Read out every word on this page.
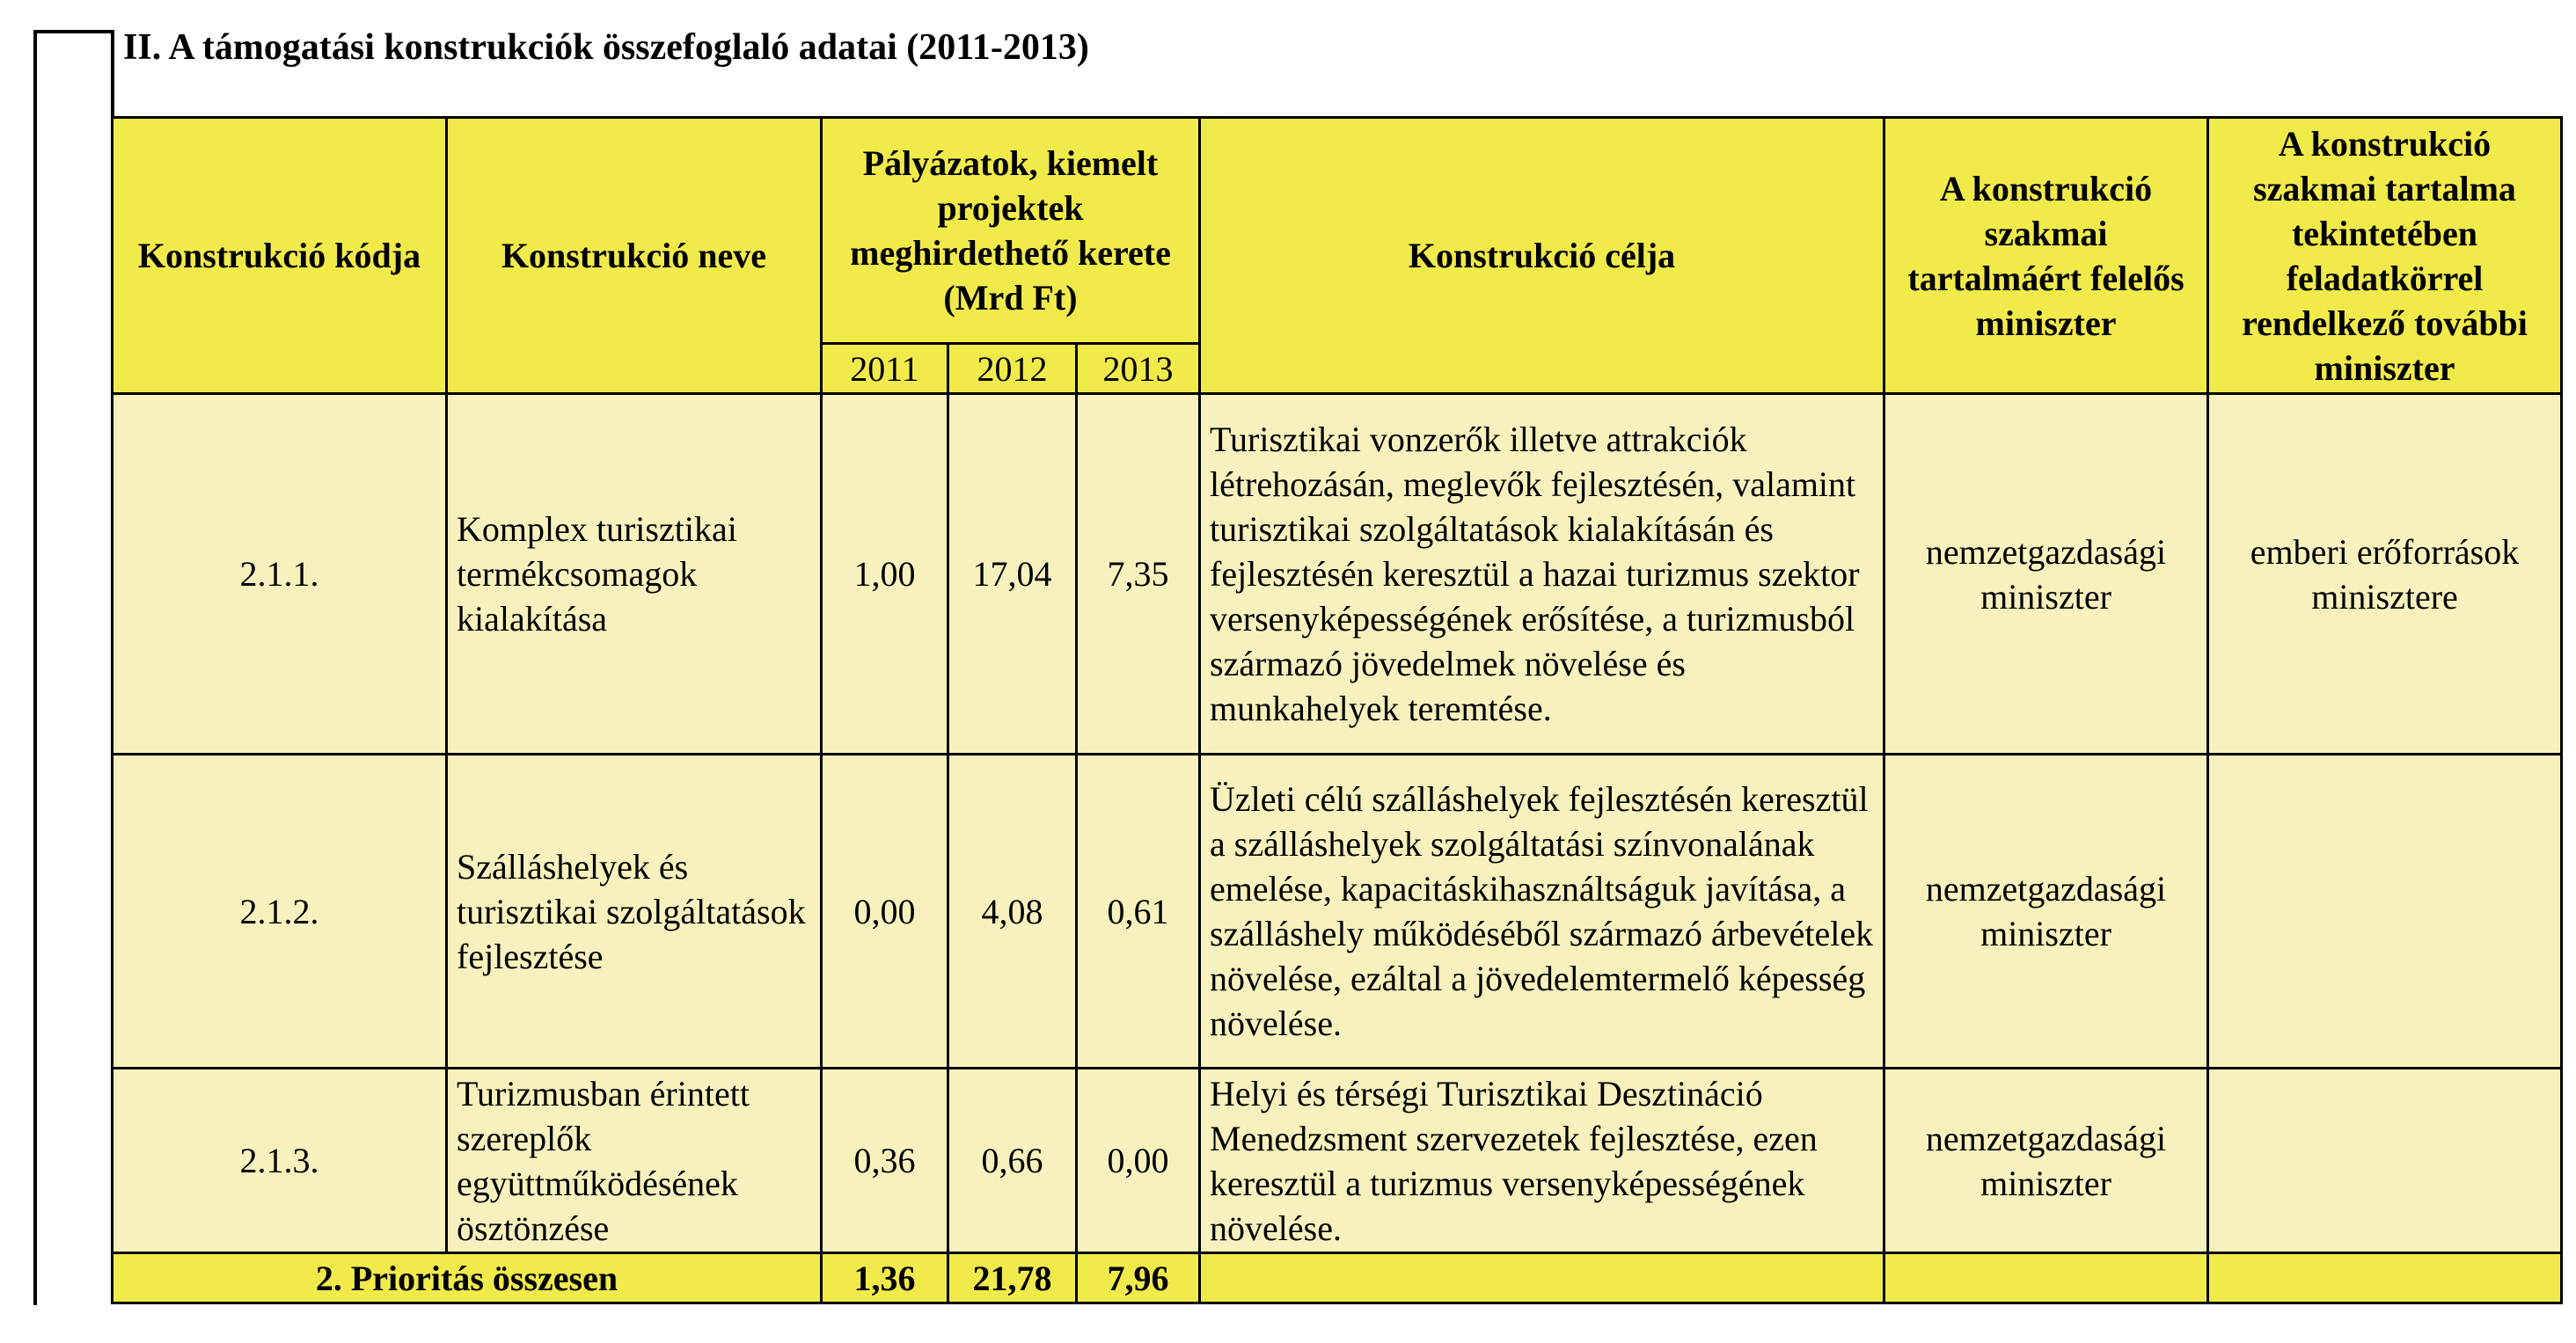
II. A támogatási konstrukciók összefoglaló adatai (2011-2013)
Konstrukció kódja	Konstrukció neve	Pályázatok, kiemelt projektek meghirdethető kerete (Mrd Ft)			Konstrukció célja	A konstrukció szakmai tartalmáért felelős miniszter	A konstrukció szakmai tartalma tekintetében feladatkörrel rendelkező további miniszter
		2011	2012	2013			
2.1.1.	Komplex turisztikai termékcsomagok kialakítása	1,00	17,04	7,35	Turisztikai vonzerők illetve attrakciók létrehozásán, meglevők fejlesztésén, valamint turisztikai szolgáltatások kialakításán és fejlesztésén keresztül a hazai turizmus szektor versenyképességének erősítése, a turizmusból származó jövedelmek növelése és munkahelyek teremtése.	nemzetgazdasági miniszter	emberi erőforrások minisztere
2.1.2.	Szálláshelyek és turisztikai szolgáltatások fejlesztése	0,00	4,08	0,61	Üzleti célú szálláshelyek fejlesztésén keresztül a szálláshelyek szolgáltatási színvonalának emelése, kapacitáskihasználtságuk javítása, a szálláshely működéséből származó árbevételek növelése, ezáltal a jövedelemtermelő képesség növelése.	nemzetgazdasági miniszter	
2.1.3.	Turizmusban érintett szereplők együttműködésének ösztönzése	0,36	0,66	0,00	Helyi és térségi Turisztikai Desztináció Menedzsment szervezetek fejlesztése, ezen keresztül a turizmus versenyképességének növelése.	nemzetgazdasági miniszter	
2. Prioritás összesen		1,36	21,78	7,96			
